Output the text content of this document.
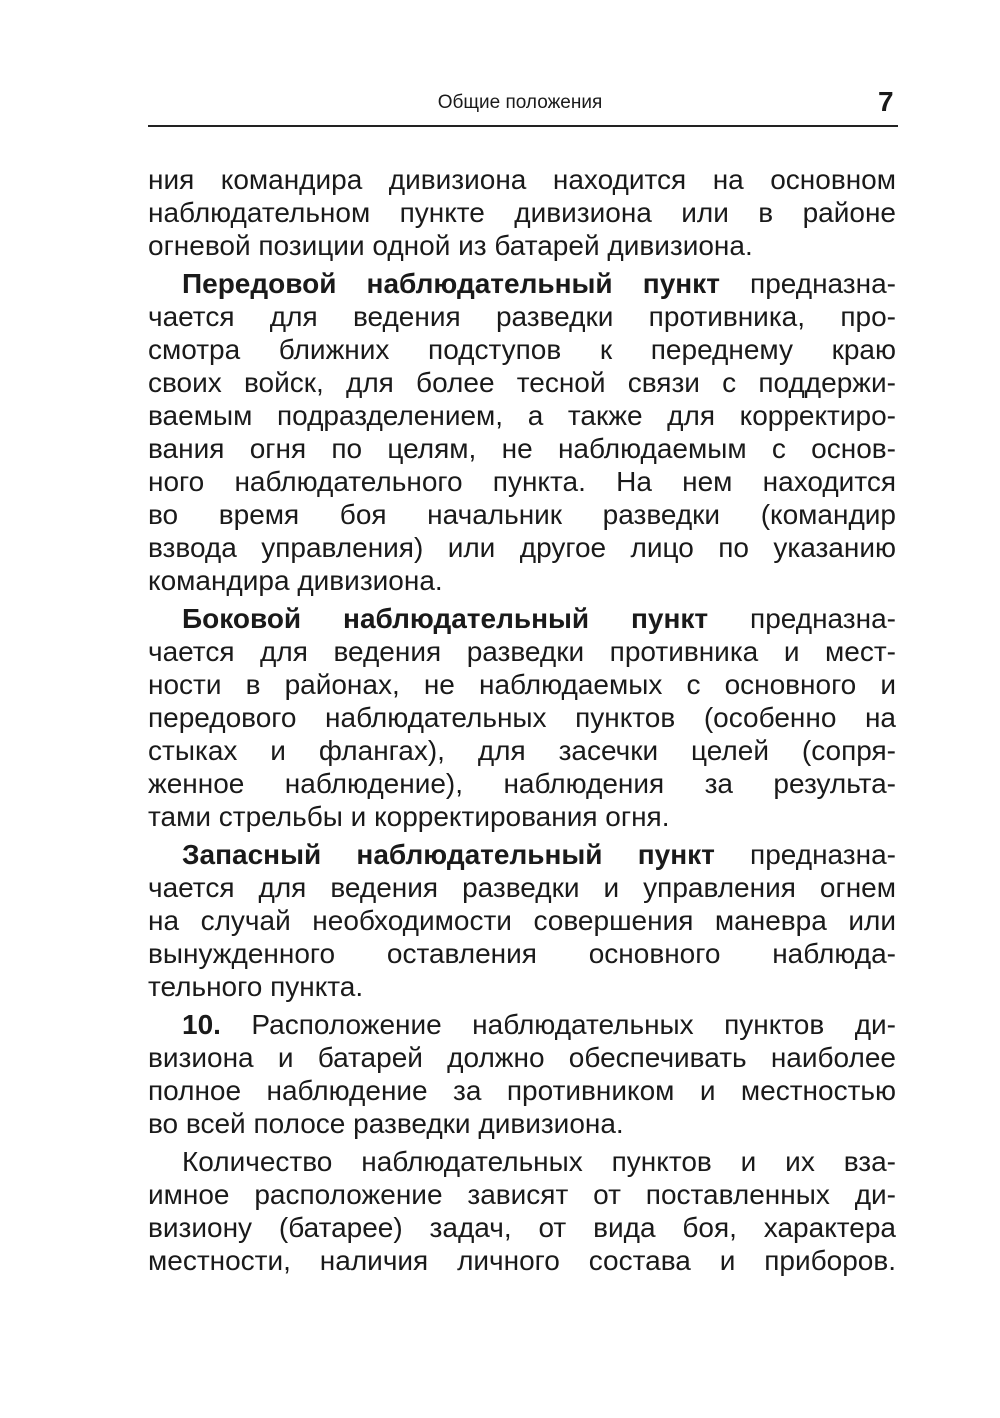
Общие положения	7
ния командира дивизиона находится на основном
наблюдательном пункте дивизиона или в районе
огневой позиции одной из батарей дивизиона.
Передовой наблюдательный пункт предназна-
чается для ведения разведки противника, про-
смотра ближних подступов к переднему краю
своих войск, для более тесной связи с поддержи-
ваемым подразделением, а также для корректиро-
вания огня по целям, не наблюдаемым с основ-
ного наблюдательного пункта. На нем находится
во время боя начальник разведки (командир
взвода управления) или другое лицо по указанию
командира дивизиона.
Боковой наблюдательный пункт предназна-
чается для ведения разведки противника и мест-
ности в районах, не наблюдаемых с основного и
передового наблюдательных пунктов (особенно на
стыках и флангах), для засечки целей (сопря-
женное наблюдение), наблюдения за результа-
тами стрельбы и корректирования огня.
Запасный наблюдательный пункт предназна-
чается для ведения разведки и управления огнем
на случай необходимости совершения маневра или
вынужденного оставления основного наблюда-
тельного пункта.
10. Расположение наблюдательных пунктов ди-
визиона и батарей должно обеспечивать наиболее
полное наблюдение за противником и местностью
во всей полосе разведки дивизиона.
Количество наблюдательных пунктов и их вза-
имное расположение зависят от поставленных ди-
визиону (батарее) задач, от вида боя, характера
местности, наличия личного состава и приборов.
